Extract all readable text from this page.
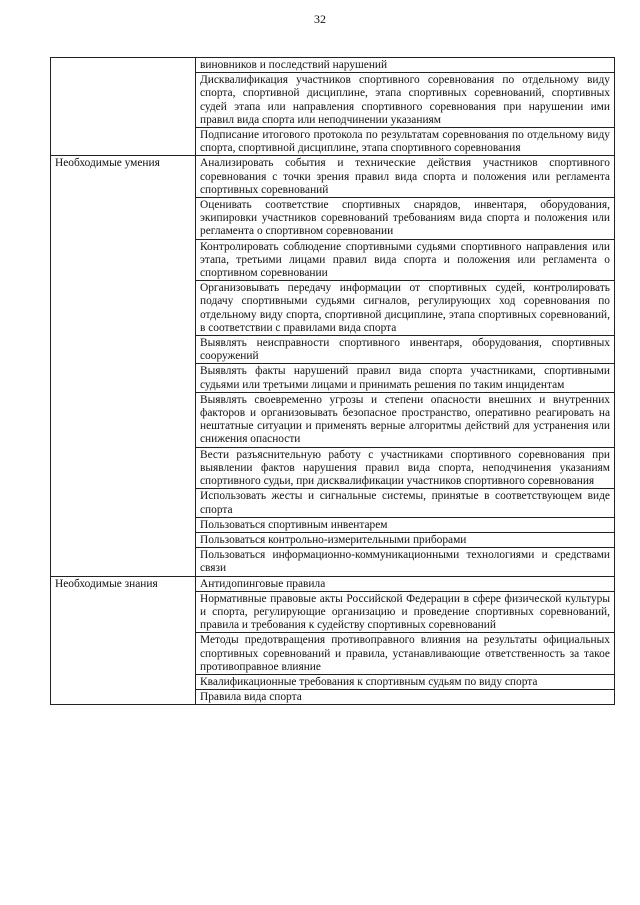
32
	виновников и последствий нарушений
	Дисквалификация участников спортивного соревнования по отдельному виду спорта, спортивной дисциплине, этапа спортивных соревнований, спортивных судей этапа или направления спортивного соревнования при нарушении ими правил вида спорта или неподчинении указаниям
	Подписание итогового протокола по результатам соревнования по отдельному виду спорта, спортивной дисциплине, этапа спортивного соревнования
Необходимые умения	Анализировать события и технические действия участников спортивного соревнования с точки зрения правил вида спорта и положения или регламента спортивных соревнований
	Оценивать соответствие спортивных снарядов, инвентаря, оборудования, экипировки участников соревнований требованиям вида спорта и положения или регламента о спортивном соревновании
	Контролировать соблюдение спортивными судьями спортивного направления или этапа, третьими лицами правил вида спорта и положения или регламента о спортивном соревновании
	Организовывать передачу информации от спортивных судей, контролировать подачу спортивными судьями сигналов, регулирующих ход соревнования по отдельному виду спорта, спортивной дисциплине, этапа спортивных соревнований, в соответствии с правилами вида спорта
	Выявлять неисправности спортивного инвентаря, оборудования, спортивных сооружений
	Выявлять факты нарушений правил вида спорта участниками, спортивными судьями или третьими лицами и принимать решения по таким инцидентам
	Выявлять своевременно угрозы и степени опасности внешних и внутренних факторов и организовывать безопасное пространство, оперативно реагировать на нештатные ситуации и применять верные алгоритмы действий для устранения или снижения опасности
	Вести разъяснительную работу с участниками спортивного соревнования при выявлении фактов нарушения правил вида спорта, неподчинения указаниям спортивного судьи, при дисквалификации участников спортивного соревнования
	Использовать жесты и сигнальные системы, принятые в соответствующем виде спорта
	Пользоваться спортивным инвентарем
	Пользоваться контрольно-измерительными приборами
	Пользоваться информационно-коммуникационными технологиями и средствами связи
Необходимые знания	Антидопинговые правила
	Нормативные правовые акты Российской Федерации в сфере физической культуры и спорта, регулирующие организацию и проведение спортивных соревнований, правила и требования к судейству спортивных соревнований
	Методы предотвращения противоправного влияния на результаты официальных спортивных соревнований и правила, устанавливающие ответственность за такое противоправное влияние
	Квалификационные требования к спортивным судьям по виду спорта
	Правила вида спорта
